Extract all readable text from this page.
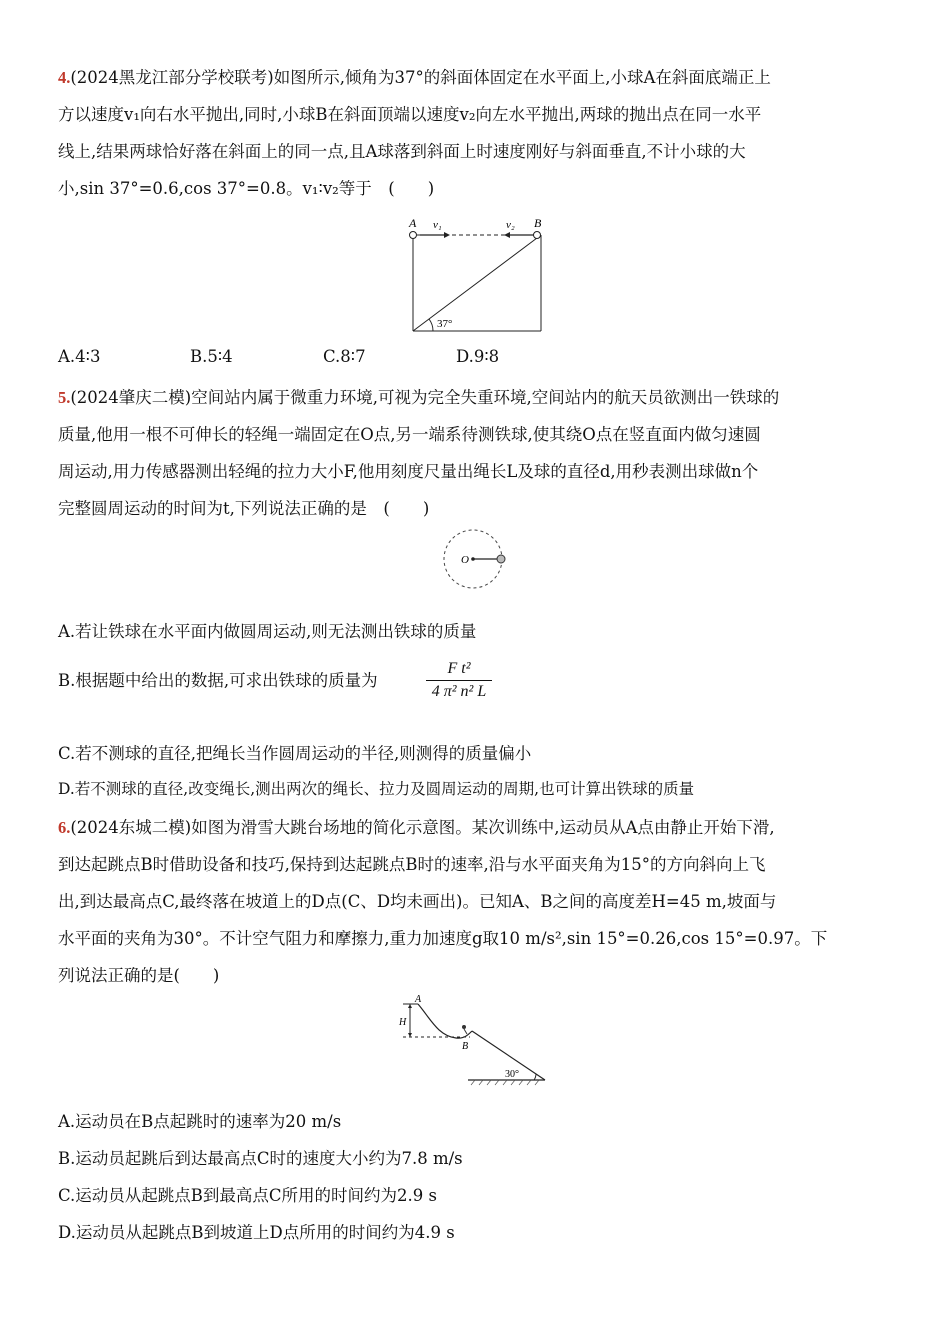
4.(2024黑龙江部分学校联考)如图所示,倾角为37°的斜面体固定在水平面上,小球A在斜面底端正上
方以速度v₁向右水平抛出,同时,小球B在斜面顶端以速度v₂向左水平抛出,两球的抛出点在同一水平
线上,结果两球恰好落在斜面上的同一点,且A球落到斜面上时速度刚好与斜面垂直,不计小球的大
小,sin 37°=0.6,cos 37°=0.8。v₁∶v₂等于　(　　)
A	B
v₁	v₂
37°
A.4∶3	B.5∶4	C.8∶7	D.9∶8
5.(2024肇庆二模)空间站内属于微重力环境,可视为完全失重环境,空间站内的航天员欲测出一铁球的
质量,他用一根不可伸长的轻绳一端固定在O点,另一端系待测铁球,使其绕O点在竖直面内做匀速圆
周运动,用力传感器测出轻绳的拉力大小F,他用刻度尺量出绳长L及球的直径d,用秒表测出球做n个
完整圆周运动的时间为t,下列说法正确的是　(　　)
O
A.若让铁球在水平面内做圆周运动,则无法测出铁球的质量
B.根据题中给出的数据,可求出铁球的质量为	$\frac{\text{F t²}}{\text{4 π² n² L}}$
C.若不测球的直径,把绳长当作圆周运动的半径,则测得的质量偏小
D.若不测球的直径,改变绳长,测出两次的绳长、拉力及圆周运动的周期,也可计算出铁球的质量
6.(2024东城二模)如图为滑雪大跳台场地的简化示意图。某次训练中,运动员从A点由静止开始下滑,
到达起跳点B时借助设备和技巧,保持到达起跳点B时的速率,沿与水平面夹角为15°的方向斜向上飞
出,到达最高点C,最终落在坡道上的D点(C、D均未画出)。已知A、B之间的高度差H=45 m,坡面与
水平面的夹角为30°。不计空气阻力和摩擦力,重力加速度g取10 m/s²,sin 15°=0.26,cos 15°=0.97。下
列说法正确的是(　　)
A
H
B
30°
A.运动员在B点起跳时的速率为20 m/s
B.运动员起跳后到达最高点C时的速度大小约为7.8 m/s
C.运动员从起跳点B到最高点C所用的时间约为2.9 s
D.运动员从起跳点B到坡道上D点所用的时间约为4.9 s
